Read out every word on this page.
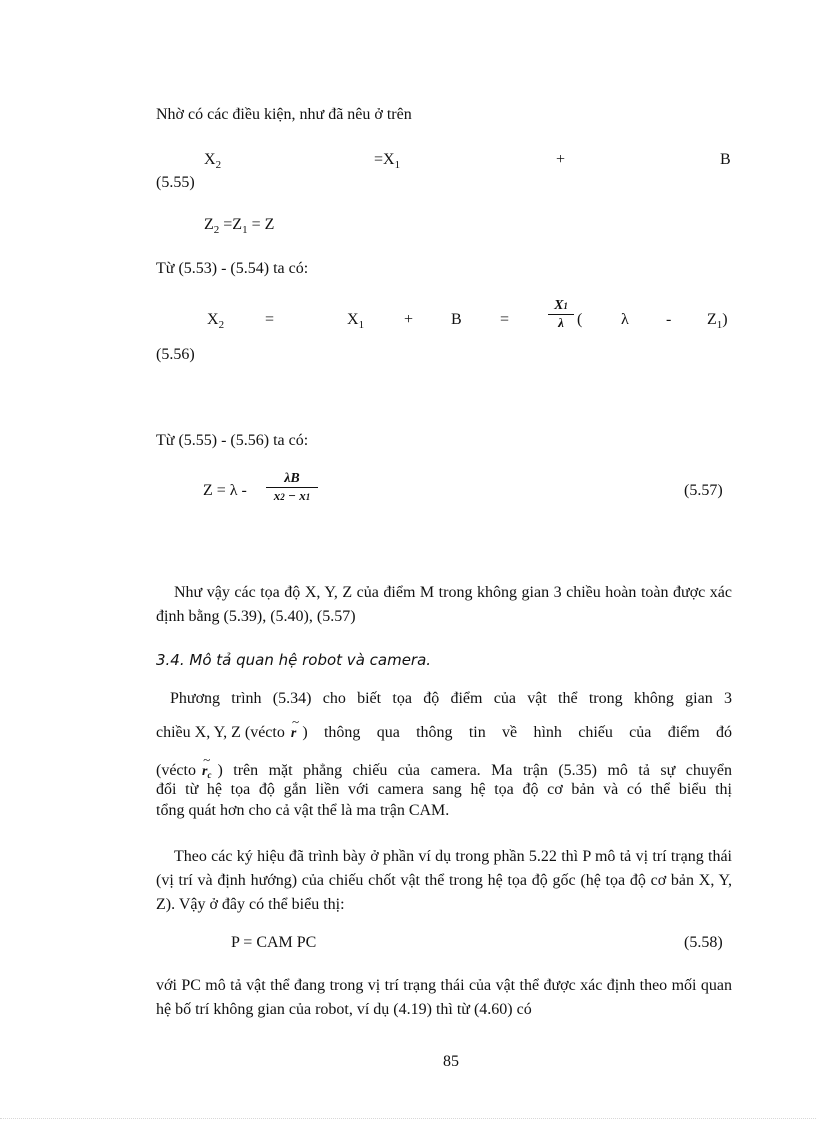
Nhờ có các điều kiện, như đã nêu ở trên
$X_2$	$=X_1$	+	B
(5.55)
$Z_2 =Z_1 = Z$
Từ (5.53) - (5.54) ta có:
$X_2$	=	$X_1 + B$ =
X1
λ ( λ - $Z_1$)
(5.56)
Từ (5.55) - (5.56) ta có:
Z = λ -
λB
x2 − x1	(5.57)
Như vậy các tọa độ X, Y, Z của điểm M trong không gian 3 chiều hoàn toàn được xác định bằng (5.39), (5.40), (5.57)
3.4. Mô tả quan hệ robot và camera.
Phương trình (5.34) cho biết tọa độ điểm của vật thể trong không gian 3
chiều X, Y, Z (vécto
~
r ) thông qua thông tin về hình chiếu của điểm đó
(vécto
~
$r_c$ ) trên mặt phẳng chiếu của camera. Ma trận (5.35) mô tả sự chuyển
đổi từ hệ tọa độ gắn liền với camera sang hệ tọa độ cơ bản và có thể biểu thị
tổng quát hơn cho cả vật thể là ma trận CAM.
Theo các ký hiệu đã trình bày ở phần ví dụ trong phần 5.22 thì P mô tả vị trí trạng thái (vị trí và định hướng) của chiếu chốt vật thể trong hệ tọa độ gốc (hệ tọa độ cơ bản X, Y, Z). Vậy ở đây có thể biểu thị:
P = CAM PC	(5.58)
với PC mô tả vật thể đang trong vị trí trạng thái của vật thể được xác định theo mối quan hệ bố trí không gian của robot, ví dụ (4.19) thì từ (4.60) có
85
